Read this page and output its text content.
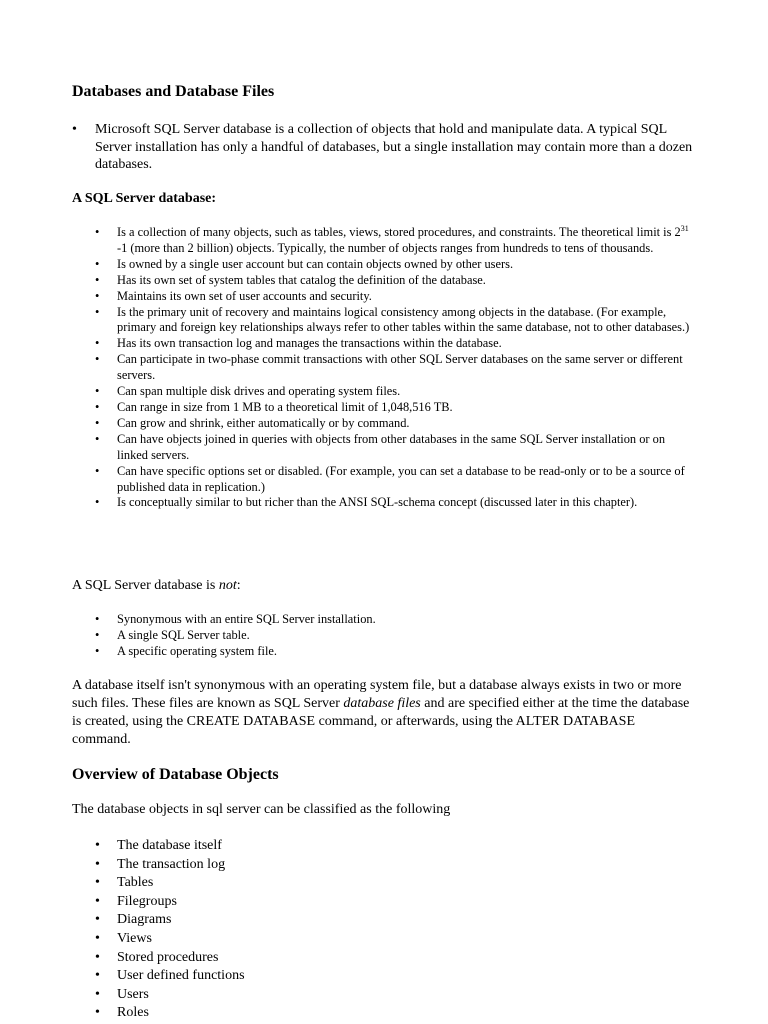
Databases and Database Files
• Microsoft SQL Server database is a collection of objects that hold and manipulate data. A typical SQL Server installation has only a handful of databases, but a single installation may contain more than a dozen databases.

A SQL Server database:

• Is a collection of many objects, such as tables, views, stored procedures, and constraints. The theoretical limit is $2^{31}$ -1 (more than 2 billion) objects. Typically, the number of objects ranges from hundreds to tens of thousands.
• Is owned by a single user account but can contain objects owned by other users.
• Has its own set of system tables that catalog the definition of the database.
• Maintains its own set of user accounts and security.
• Is the primary unit of recovery and maintains logical consistency among objects in the database. (For example, primary and foreign key relationships always refer to other tables within the same database, not to other databases.)
• Has its own transaction log and manages the transactions within the database.
• Can participate in two-phase commit transactions with other SQL Server databases on the same server or different servers.
• Can span multiple disk drives and operating system files.
• Can range in size from 1 MB to a theoretical limit of 1,048,516 TB.
• Can grow and shrink, either automatically or by command.
• Can have objects joined in queries with objects from other databases in the same SQL Server installation or on linked servers.
• Can have specific options set or disabled. (For example, you can set a database to be read-only or to be a source of published data in replication.)
• Is conceptually similar to but richer than the ANSI SQL-schema concept (discussed later in this chapter).

A SQL Server database is not:

• Synonymous with an entire SQL Server installation.
• A single SQL Server table.
• A specific operating system file.

A database itself isn't synonymous with an operating system file, but a database always exists in two or more such files. These files are known as SQL Server database files and are specified either at the time the database is created, using the CREATE DATABASE command, or afterwards, using the ALTER DATABASE command.

Overview of Database Objects

The database objects in sql server can be classified as the following

• The database itself
• The transaction log
• Tables
• Filegroups
• Diagrams
• Views
• Stored procedures
• User defined functions
• Users
• Roles
